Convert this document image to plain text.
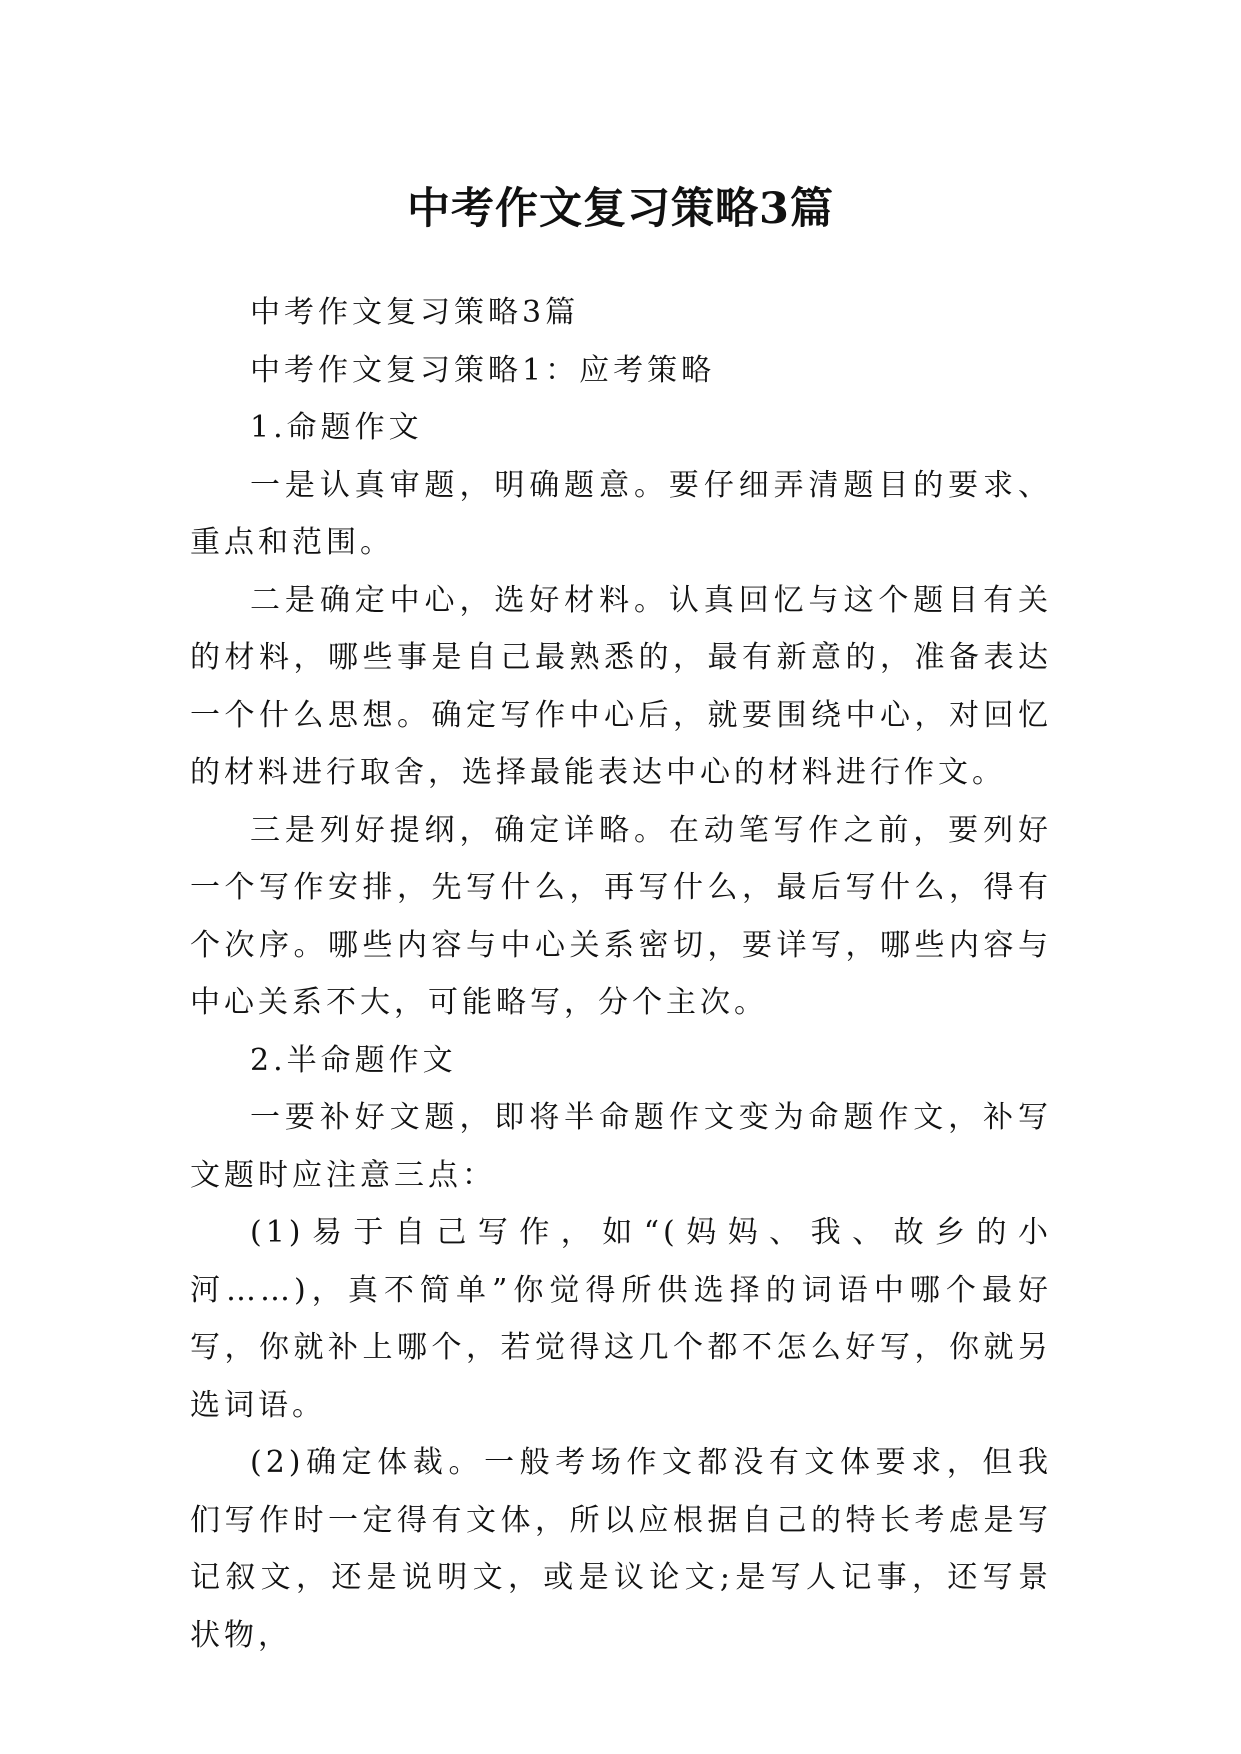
中考作文复习策略3篇

中考作文复习策略3篇

中考作文复习策略1：应考策略

1.命题作文

一是认真审题，明确题意。要仔细弄清题目的要求、重点和范围。

二是确定中心，选好材料。认真回忆与这个题目有关的材料，哪些事是自己最熟悉的，最有新意的，准备表达一个什么思想。确定写作中心后，就要围绕中心，对回忆的材料进行取舍，选择最能表达中心的材料进行作文。

三是列好提纲，确定详略。在动笔写作之前，要列好一个写作安排，先写什么，再写什么，最后写什么，得有个次序。哪些内容与中心关系密切，要详写，哪些内容与中心关系不大，可能略写，分个主次。

2.半命题作文

一要补好文题，即将半命题作文变为命题作文，补写文题时应注意三点：

(1)易于自己写作，如“(妈妈、我、故乡的小河……)，真不简单”你觉得所供选择的词语中哪个最好写，你就补上哪个，若觉得这几个都不怎么好写，你就另选词语。

(2)确定体裁。一般考场作文都没有文体要求，但我们写作时一定得有文体，所以应根据自己的特长考虑是写记叙文，还是说明文，或是议论文;是写人记事，还写景状物，
